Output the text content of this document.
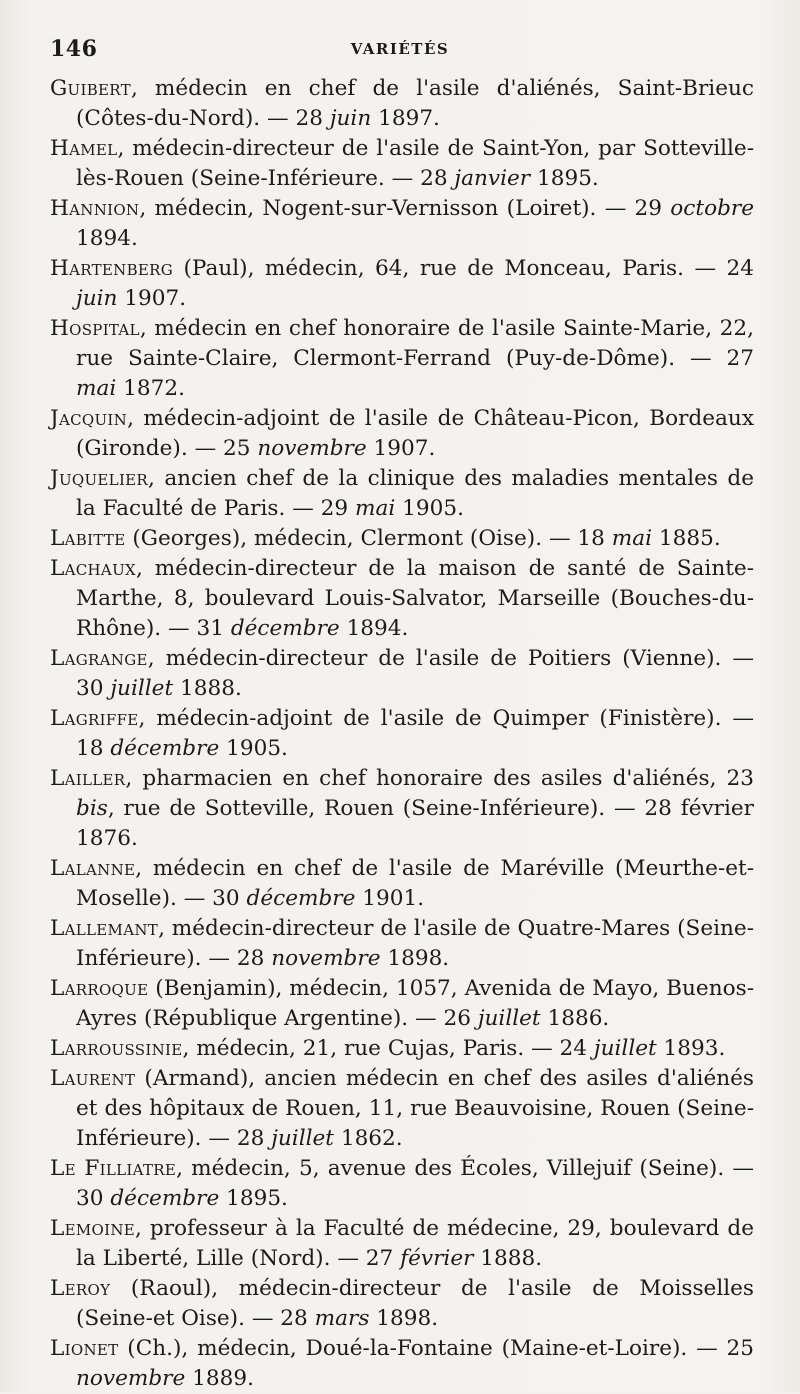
146	VARIÉTÉS

Guibert, médecin en chef de l'asile d'aliénés, Saint-Brieuc (Côtes-du-Nord). — 28 juin 1897.

Hamel, médecin-directeur de l'asile de Saint-Yon, par Sotteville-lès-Rouen (Seine-Inférieure. — 28 janvier 1895.

Hannion, médecin, Nogent-sur-Vernisson (Loiret). — 29 octobre 1894.

Hartenberg (Paul), médecin, 64, rue de Monceau, Paris. — 24 juin 1907.

Hospital, médecin en chef honoraire de l'asile Sainte-Marie, 22, rue Sainte-Claire, Clermont-Ferrand (Puy-de-Dôme). — 27 mai 1872.

Jacquin, médecin-adjoint de l'asile de Château-Picon, Bordeaux (Gironde). — 25 novembre 1907.

Juquelier, ancien chef de la clinique des maladies mentales de la Faculté de Paris. — 29 mai 1905.

Labitte (Georges), médecin, Clermont (Oise). — 18 mai 1885.

Lachaux, médecin-directeur de la maison de santé de Sainte-Marthe, 8, boulevard Louis-Salvator, Marseille (Bouches-du-Rhône). — 31 décembre 1894.

Lagrange, médecin-directeur de l'asile de Poitiers (Vienne). — 30 juillet 1888.

Lagriffe, médecin-adjoint de l'asile de Quimper (Finistère). — 18 décembre 1905.

Lailler, pharmacien en chef honoraire des asiles d'aliénés, 23 bis, rue de Sotteville, Rouen (Seine-Inférieure). — 28 février 1876.

Lalanne, médecin en chef de l'asile de Maréville (Meurthe-et-Moselle). — 30 décembre 1901.

Lallemant, médecin-directeur de l'asile de Quatre-Mares (Seine-Inférieure). — 28 novembre 1898.

Larroque (Benjamin), médecin, 1057, Avenida de Mayo, Buenos-Ayres (République Argentine). — 26 juillet 1886.

Larroussinie, médecin, 21, rue Cujas, Paris. — 24 juillet 1893.

Laurent (Armand), ancien médecin en chef des asiles d'aliénés et des hôpitaux de Rouen, 11, rue Beauvoisine, Rouen (Seine-Inférieure). — 28 juillet 1862.

Le Filliatre, médecin, 5, avenue des Écoles, Villejuif (Seine). — 30 décembre 1895.

Lemoine, professeur à la Faculté de médecine, 29, boulevard de la Liberté, Lille (Nord). — 27 février 1888.

Leroy (Raoul), médecin-directeur de l'asile de Moisselles (Seine-et Oise). — 28 mars 1898.

Lionet (Ch.), médecin, Doué-la-Fontaine (Maine-et-Loire). — 25 novembre 1889.
